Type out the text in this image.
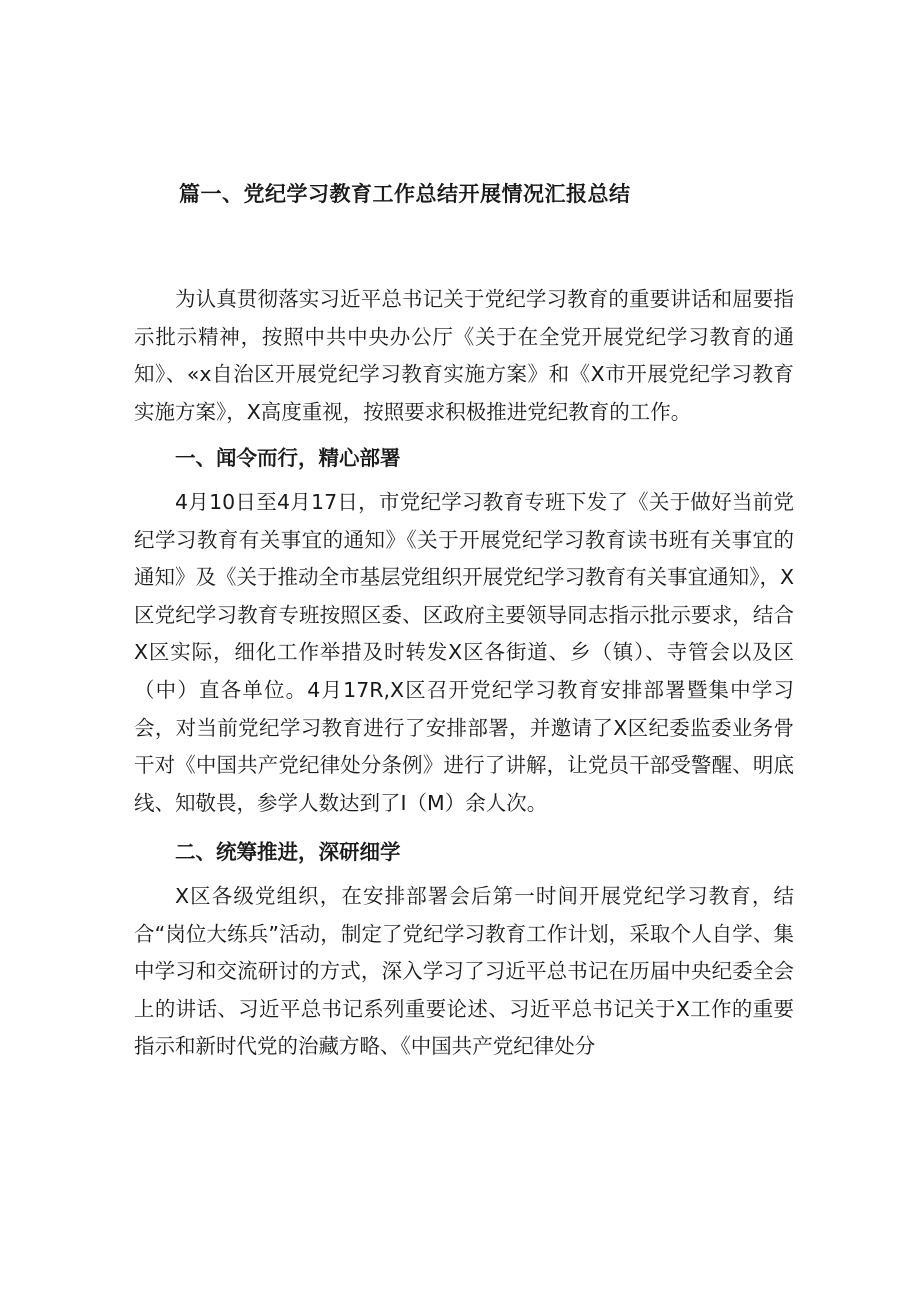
篇一、党纪学习教育工作总结开展情况汇报总结

为认真贯彻落实习近平总书记关于党纪学习教育的重要讲话和屈要指示批示精神，按照中共中央办公厅《关于在全党开展党纪学习教育的通知》、«x自治区开展党纪学习教育实施方案》和《X市开展党纪学习教育实施方案》，X高度重视，按照要求积极推进党纪教育的工作。

一、闻令而行，精心部署

4月10日至4月17日，市党纪学习教育专班下发了《关于做好当前党纪学习教育有关事宜的通知》《关于开展党纪学习教育读书班有关事宜的通知》及《关于推动全市基层党组织开展党纪学习教育有关事宜通知》，X区党纪学习教育专班按照区委、区政府主要领导同志指示批示要求，结合X区实际，细化工作举措及时转发X区各街道、乡（镇）、寺管会以及区（中）直各单位。4月17R,X区召开党纪学习教育安排部署暨集中学习会，对当前党纪学习教育进行了安排部署，并邀请了X区纪委监委业务骨干对《中国共产党纪律处分条例》进行了讲解，让党员干部受警醒、明底线、知敬畏，参学人数达到了I（M）余人次。

二、统筹推进，深研细学

X区各级党组织，在安排部署会后第一时间开展党纪学习教育，结合“岗位大练兵”活动，制定了党纪学习教育工作计划，采取个人自学、集中学习和交流研讨的方式，深入学习了习近平总书记在历届中央纪委全会上的讲话、习近平总书记系列重要论述、习近平总书记关于X工作的重要指示和新时代党的治藏方略、《中国共产党纪律处分
